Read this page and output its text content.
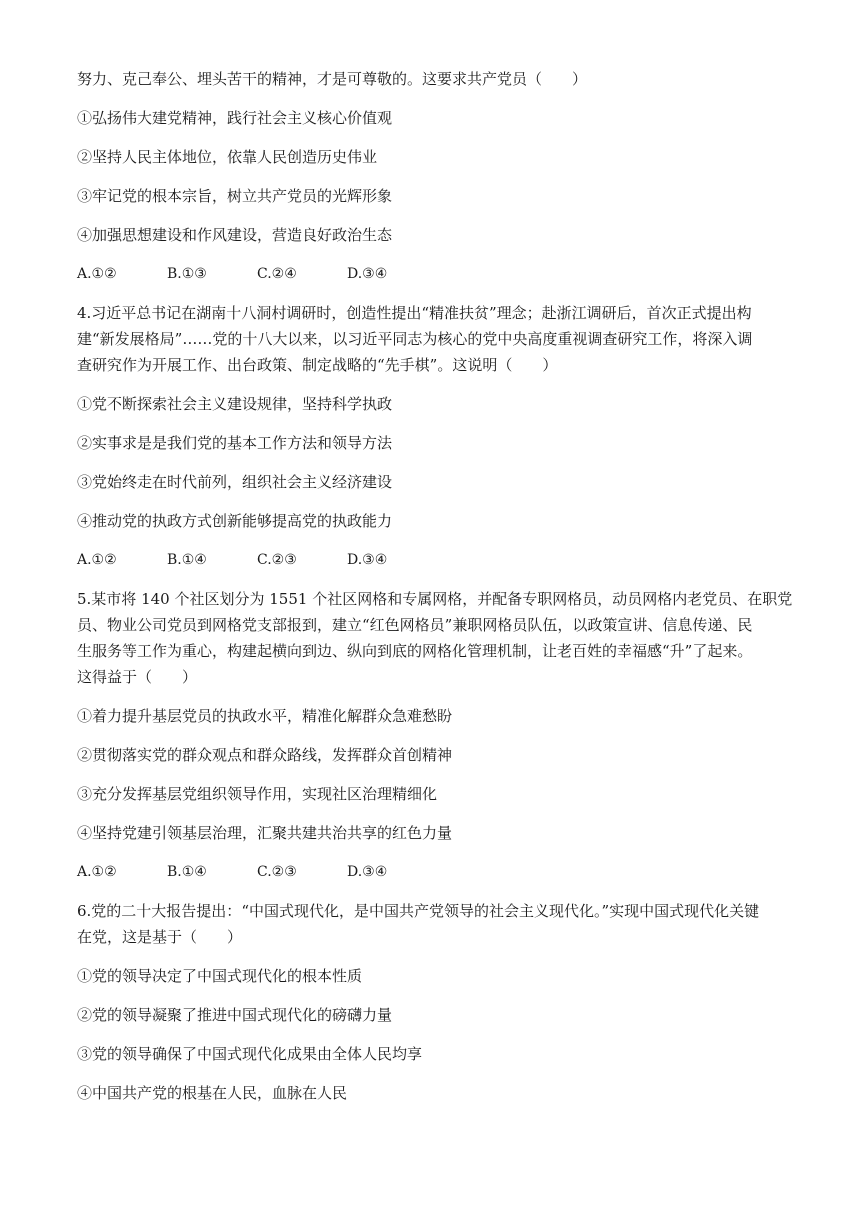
努力、克己奉公、埋头苦干的精神，才是可尊敬的。这要求共产党员（　　）

①弘扬伟大建党精神，践行社会主义核心价值观

②坚持人民主体地位，依靠人民创造历史伟业

③牢记党的根本宗旨，树立共产党员的光辉形象

④加强思想建设和作风建设，营造良好政治生态

A.①②	B.①③	C.②④	D.③④

4.习近平总书记在湖南十八洞村调研时，创造性提出“精准扶贫”理念；赴浙江调研后，首次正式提出构

建“新发展格局”……党的十八大以来，以习近平同志为核心的党中央高度重视调查研究工作，将深入调

查研究作为开展工作、出台政策、制定战略的“先手棋”。这说明（　　）

①党不断探索社会主义建设规律，坚持科学执政

②实事求是是我们党的基本工作方法和领导方法

③党始终走在时代前列，组织社会主义经济建设

④推动党的执政方式创新能够提高党的执政能力

A.①②	B.①④	C.②③	D.③④

5.某市将 140 个社区划分为 1551 个社区网格和专属网格，并配备专职网格员，动员网格内老党员、在职党

员、物业公司党员到网格党支部报到，建立“红色网格员”兼职网格员队伍，以政策宣讲、信息传递、民

生服务等工作为重心，构建起横向到边、纵向到底的网格化管理机制，让老百姓的幸福感“升”了起来。

这得益于（　　）

①着力提升基层党员的执政水平，精准化解群众急难愁盼

②贯彻落实党的群众观点和群众路线，发挥群众首创精神

③充分发挥基层党组织领导作用，实现社区治理精细化

④坚持党建引领基层治理，汇聚共建共治共享的红色力量

A.①②	B.①④	C.②③	D.③④

6.党的二十大报告提出：“中国式现代化，是中国共产党领导的社会主义现代化。”实现中国式现代化关键

在党，这是基于（　　）

①党的领导决定了中国式现代化的根本性质

②党的领导凝聚了推进中国式现代化的磅礴力量

③党的领导确保了中国式现代化成果由全体人民均享

④中国共产党的根基在人民，血脉在人民
